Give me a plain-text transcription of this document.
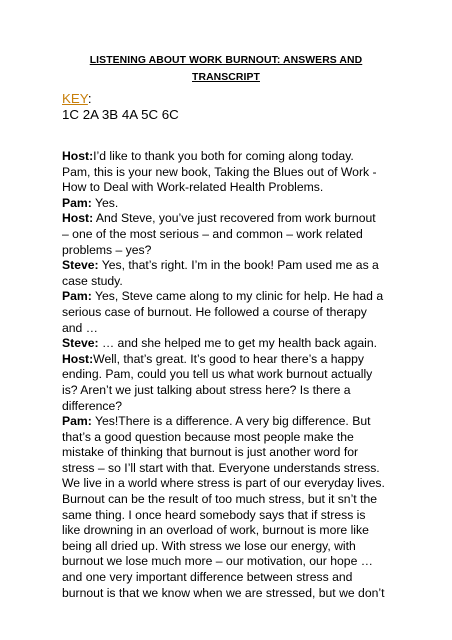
LISTENING ABOUT WORK BURNOUT: ANSWERS AND
TRANSCRIPT
KEY:
1C 2A 3B 4A 5C 6C
Host:I’d like to thank you both for coming along today.
Pam, this is your new book, Taking the Blues out of Work -
How to Deal with Work-related Health Problems.
Pam: Yes.
Host: And Steve, you’ve just recovered from work burnout
– one of the most serious – and common – work related
problems – yes?
Steve: Yes, that’s right. I’m in the book! Pam used me as a
case study.
Pam: Yes, Steve came along to my clinic for help. He had a
serious case of burnout. He followed a course of therapy
and …
Steve: … and she helped me to get my health back again.
Host:Well, that’s great. It’s good to hear there’s a happy
ending. Pam, could you tell us what work burnout actually
is? Aren’t we just talking about stress here? Is there a
difference?
Pam: Yes!There is a difference. A very big difference. But
that’s a good question because most people make the
mistake of thinking that burnout is just another word for
stress – so I’ll start with that. Everyone understands stress.
We live in a world where stress is part of our everyday lives.
Burnout can be the result of too much stress, but it sn’t the
same thing. I once heard somebody says that if stress is
like drowning in an overload of work, burnout is more like
being all dried up. With stress we lose our energy, with
burnout we lose much more – our motivation, our hope …
and one very important difference between stress and
burnout is that we know when we are stressed, but we don’t
